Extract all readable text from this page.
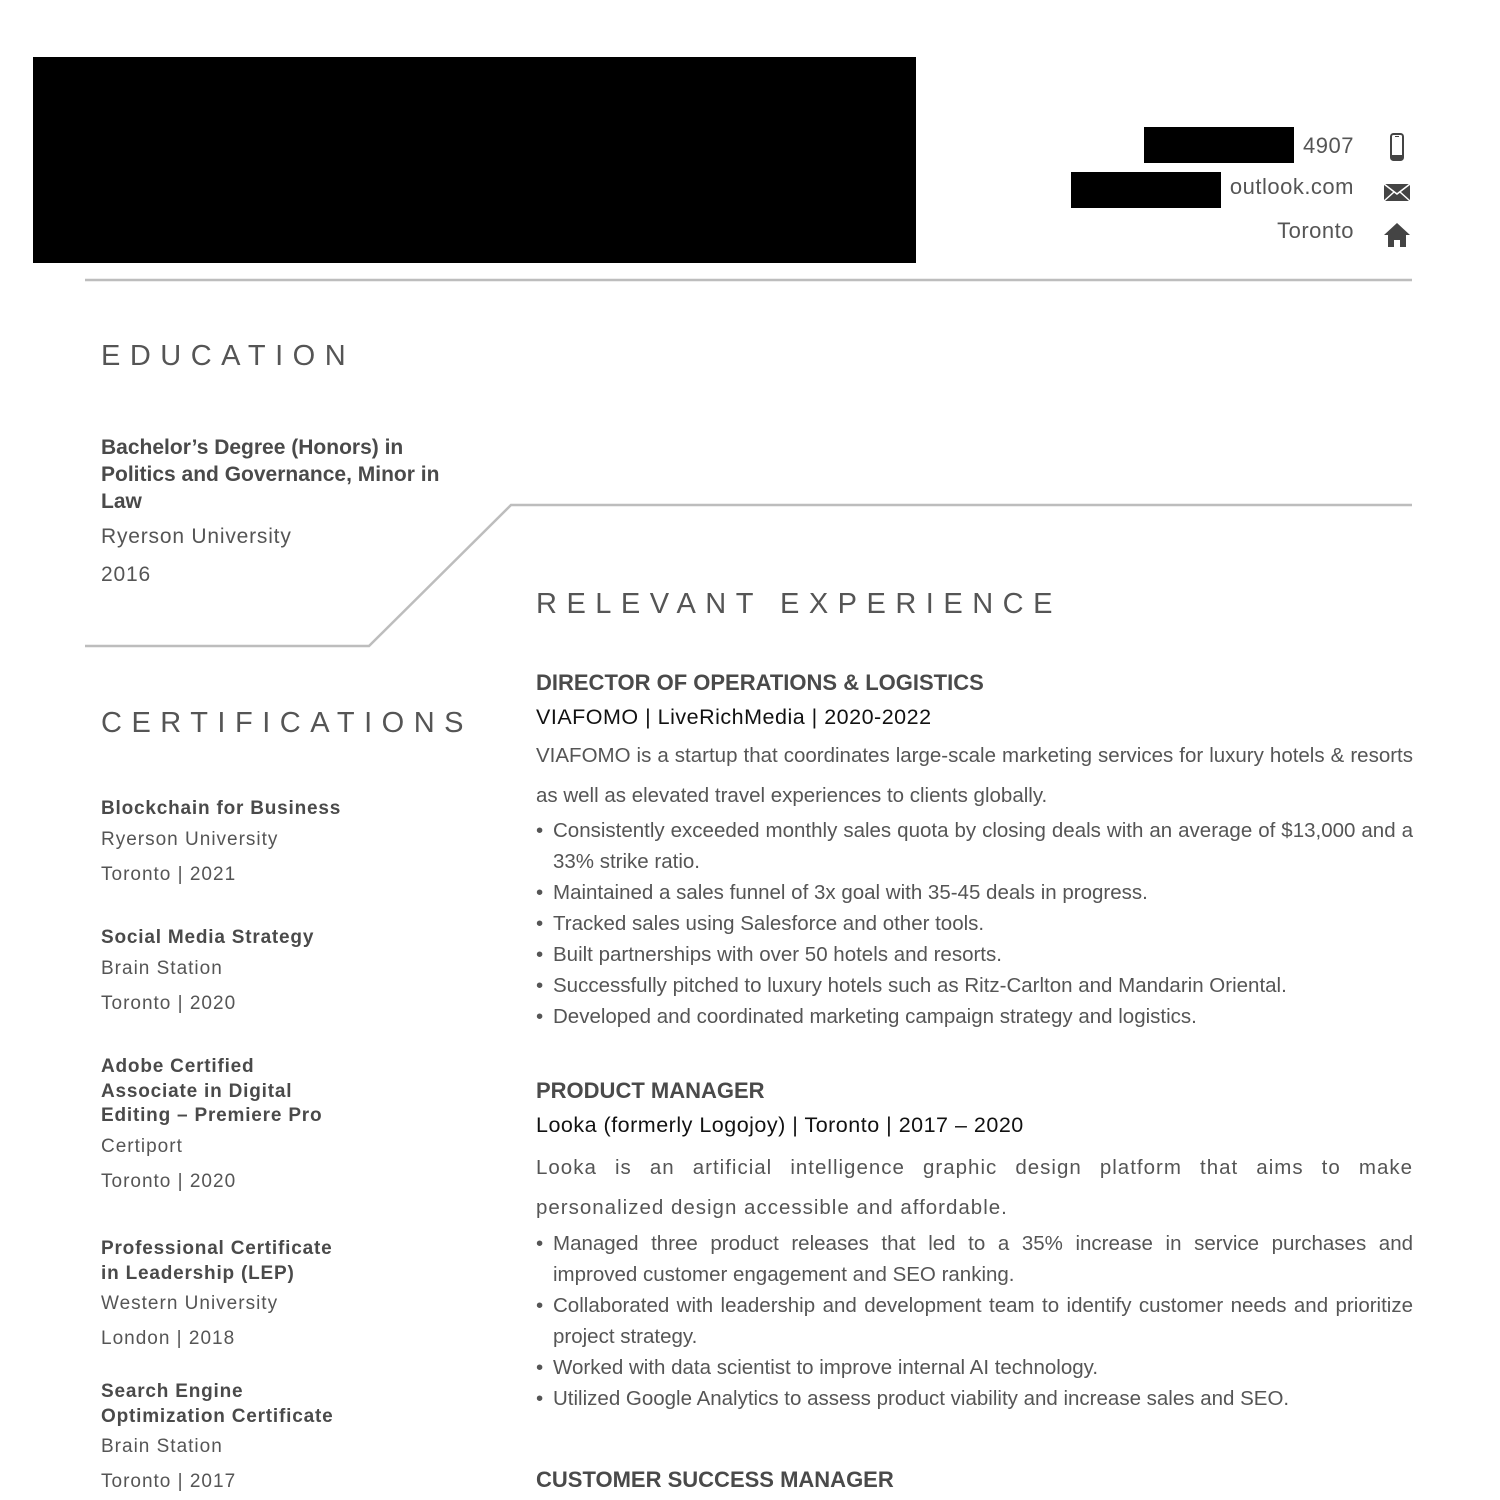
4907
outlook.com
Toronto
EDUCATION
Bachelor’s Degree (Honors) in Politics and Governance, Minor in Law
Ryerson University
2016
CERTIFICATIONS
Blockchain for Business
Ryerson University
Toronto | 2021
Social Media Strategy
Brain Station
Toronto | 2020
Adobe Certified Associate in Digital Editing – Premiere Pro
Certiport
Toronto | 2020
Professional Certificate in Leadership (LEP)
Western University
London | 2018
Search Engine Optimization Certificate
Brain Station
Toronto | 2017
RELEVANT EXPERIENCE
DIRECTOR OF OPERATIONS & LOGISTICS
VIAFOMO | LiveRichMedia | 2020-2022
VIAFOMO is a startup that coordinates large-scale marketing services for luxury hotels & resorts as well as elevated travel experiences to clients globally.
• Consistently exceeded monthly sales quota by closing deals with an average of $13,000 and a 33% strike ratio.
• Maintained a sales funnel of 3x goal with 35-45 deals in progress.
• Tracked sales using Salesforce and other tools.
• Built partnerships with over 50 hotels and resorts.
• Successfully pitched to luxury hotels such as Ritz-Carlton and Mandarin Oriental.
• Developed and coordinated marketing campaign strategy and logistics.
PRODUCT MANAGER
Looka (formerly Logojoy) | Toronto | 2017 – 2020
Looka is an artificial intelligence graphic design platform that aims to make personalized design accessible and affordable.
• Managed three product releases that led to a 35% increase in service purchases and improved customer engagement and SEO ranking.
• Collaborated with leadership and development team to identify customer needs and prioritize project strategy.
• Worked with data scientist to improve internal AI technology.
• Utilized Google Analytics to assess product viability and increase sales and SEO.
CUSTOMER SUCCESS MANAGER
